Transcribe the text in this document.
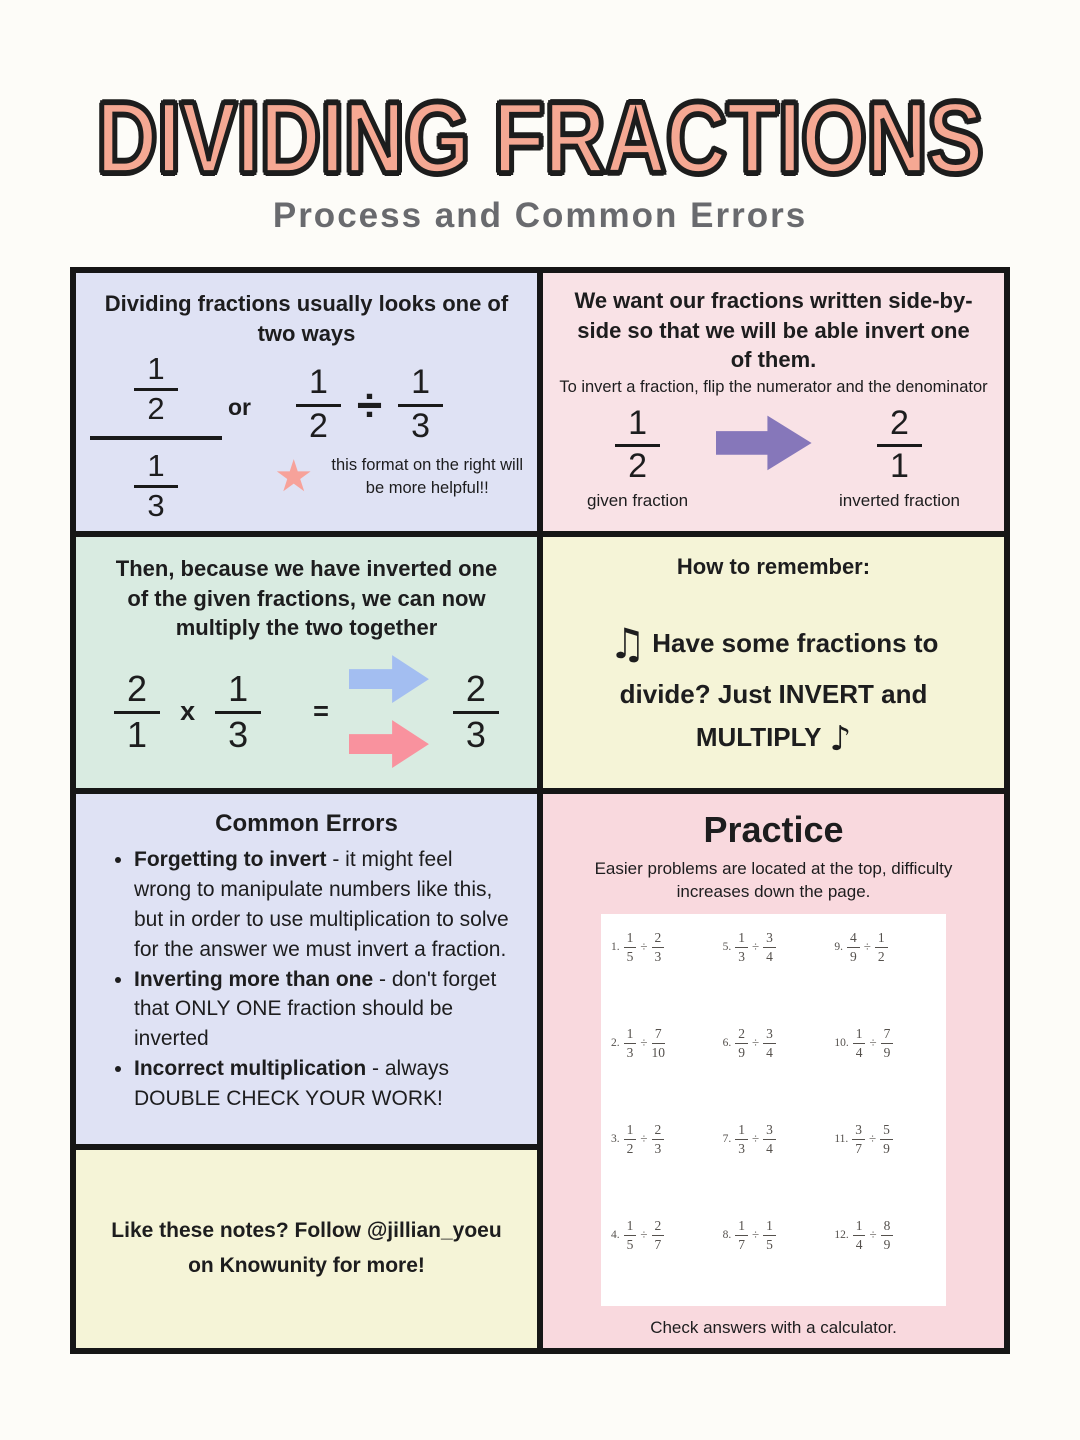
DIVIDING FRACTIONS
Process and Common Errors
Dividing fractions usually looks one of two ways
$\frac{1}{2}$
$\frac{1}{3}$
or $\frac{1}{2} \div \frac{1}{3}$
★	this format on the right will be more helpful!!
Then, because we have inverted one of the given fractions, we can now multiply the two together
$\frac{2}{1}$ x $\frac{1}{3}$ =	$\frac{2}{3}$
Common Errors
• Forgetting to invert - it might feel wrong to manipulate numbers like this, but in order to use multiplication to solve for the answer we must invert a fraction.
• Inverting more than one - don't forget that ONLY ONE fraction should be inverted
• Incorrect multiplication - always DOUBLE CHECK YOUR WORK!
Like these notes? Follow @jillian_yoeu
on Knowunity for more!
We want our fractions written side-by-side so that we will be able invert one of them.
To invert a fraction, flip the numerator and the denominator
$\frac{1}{2}$
given fraction
$\frac{2}{1}$
inverted fraction
How to remember:
♫ Have some fractions to divide? Just INVERT and MULTIPLY ♪
Practice
Easier problems are located at the top, difficulty increases down the page.
1. $\frac{1}{5} \div \frac{2}{3}$	5. $\frac{1}{3} \div \frac{3}{4}$	9. $\frac{4}{9} \div \frac{1}{2}$
2. $\frac{1}{3} \div \frac{7}{10}$	6. $\frac{2}{9} \div \frac{3}{4}$	10. $\frac{1}{4} \div \frac{7}{9}$
3. $\frac{1}{2} \div \frac{2}{3}$	7. $\frac{1}{3} \div \frac{3}{4}$	11. $\frac{3}{7} \div \frac{5}{9}$
4. $\frac{1}{5} \div \frac{2}{7}$	8. $\frac{1}{7} \div \frac{1}{5}$	12. $\frac{1}{4} \div \frac{8}{9}$
Check answers with a calculator.
